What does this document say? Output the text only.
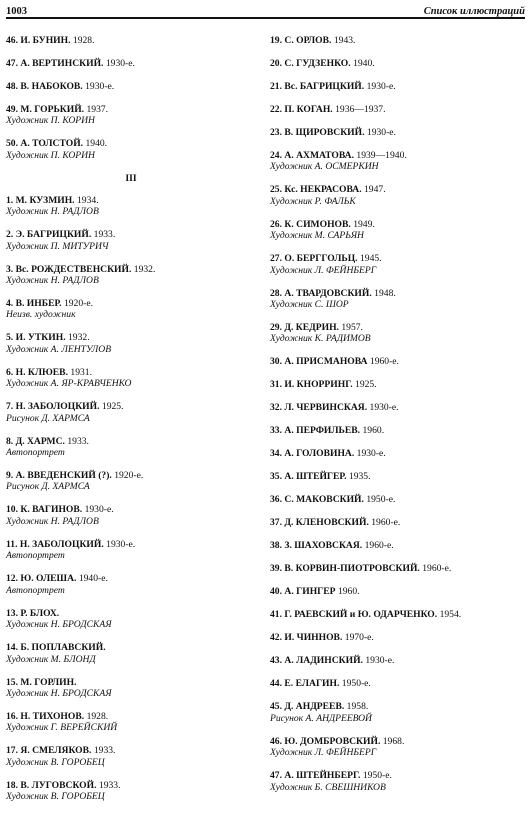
1003	Список иллюстраций
46. И. БУНИН. 1928.
47. А. ВЕРТИНСКИЙ. 1930-е.
48. В. НАБОКОВ. 1930-е.
49. М. ГОРЬКИЙ. 1937.
Художник П. КОРИН
50. А. ТОЛСТОЙ. 1940.
Художник П. КОРИН
III
1. М. КУЗМИН. 1934.
Художник Н. РАДЛОВ
2. Э. БАГРИЦКИЙ. 1933.
Художник П. МИТУРИЧ
3. Вс. РОЖДЕСТВЕНСКИЙ. 1932.
Художник Н. РАДЛОВ
4. В. ИНБЕР. 1920-е.
Неизв. художник
5. И. УТКИН. 1932.
Художник А. ЛЕНТУЛОВ
6. Н. КЛЮЕВ. 1931.
Художник А. ЯР-КРАВЧЕНКО
7. Н. ЗАБОЛОЦКИЙ. 1925.
Рисунок Д. ХАРМСА
8. Д. ХАРМС. 1933.
Автопортрет
9. А. ВВЕДЕНСКИЙ (?). 1920-е.
Рисунок Д. ХАРМСА
10. К. ВАГИНОВ. 1930-е.
Художник Н. РАДЛОВ
11. Н. ЗАБОЛОЦКИЙ. 1930-е.
Автопортрет
12. Ю. ОЛЕША. 1940-е.
Автопортрет
13. Р. БЛОХ.
Художник Н. БРОДСКАЯ
14. Б. ПОПЛАВСКИЙ.
Художник М. БЛОНД
15. М. ГОРЛИН.
Художник Н. БРОДСКАЯ
16. Н. ТИХОНОВ. 1928.
Художник Г. ВЕРЕЙСКИЙ
17. Я. СМЕЛЯКОВ. 1933.
Художник В. ГОРОБЕЦ
18. В. ЛУГОВСКОЙ. 1933.
Художник В. ГОРОБЕЦ
19. С. ОРЛОВ. 1943.
20. С. ГУДЗЕНКО. 1940.
21. Вс. БАГРИЦКИЙ. 1930-е.
22. П. КОГАН. 1936—1937.
23. В. ЩИРОВСКИЙ. 1930-е.
24. А. АХМАТОВА. 1939—1940.
Художник А. ОСМЕРКИН
25. Кс. НЕКРАСОВА. 1947.
Художник Р. ФАЛЬК
26. К. СИМОНОВ. 1949.
Художник М. САРЬЯН
27. О. БЕРГГОЛЬЦ. 1945.
Художник Л. ФЕЙНБЕРГ
28. А. ТВАРДОВСКИЙ. 1948.
Художник С. ШОР
29. Д. КЕДРИН. 1957.
Художник К. РАДИМОВ
30. А. ПРИСМАНОВА 1960-е.
31. И. КНОРРИНГ. 1925.
32. Л. ЧЕРВИНСКАЯ. 1930-е.
33. А. ПЕРФИЛЬЕВ. 1960.
34. А. ГОЛОВИНА. 1930-е.
35. А. ШТЕЙГЕР. 1935.
36. С. МАКОВСКИЙ. 1950-е.
37. Д. КЛЕНОВСКИЙ. 1960-е.
38. З. ШАХОВСКАЯ. 1960-е.
39. В. КОРВИН-ПИОТРОВСКИЙ. 1960-е.
40. А. ГИНГЕР 1960.
41. Г. РАЕВСКИЙ и Ю. ОДАРЧЕНКО. 1954.
42. И. ЧИННОВ. 1970-е.
43. А. ЛАДИНСКИЙ. 1930-е.
44. Е. ЕЛАГИН. 1950-е.
45. Д. АНДРЕЕВ. 1958.
Рисунок А. АНДРЕЕВОЙ
46. Ю. ДОМБРОВСКИЙ. 1968.
Художник Л. ФЕЙНБЕРГ
47. А. ШТЕЙНБЕРГ. 1950-е.
Художник Б. СВЕШНИКОВ
